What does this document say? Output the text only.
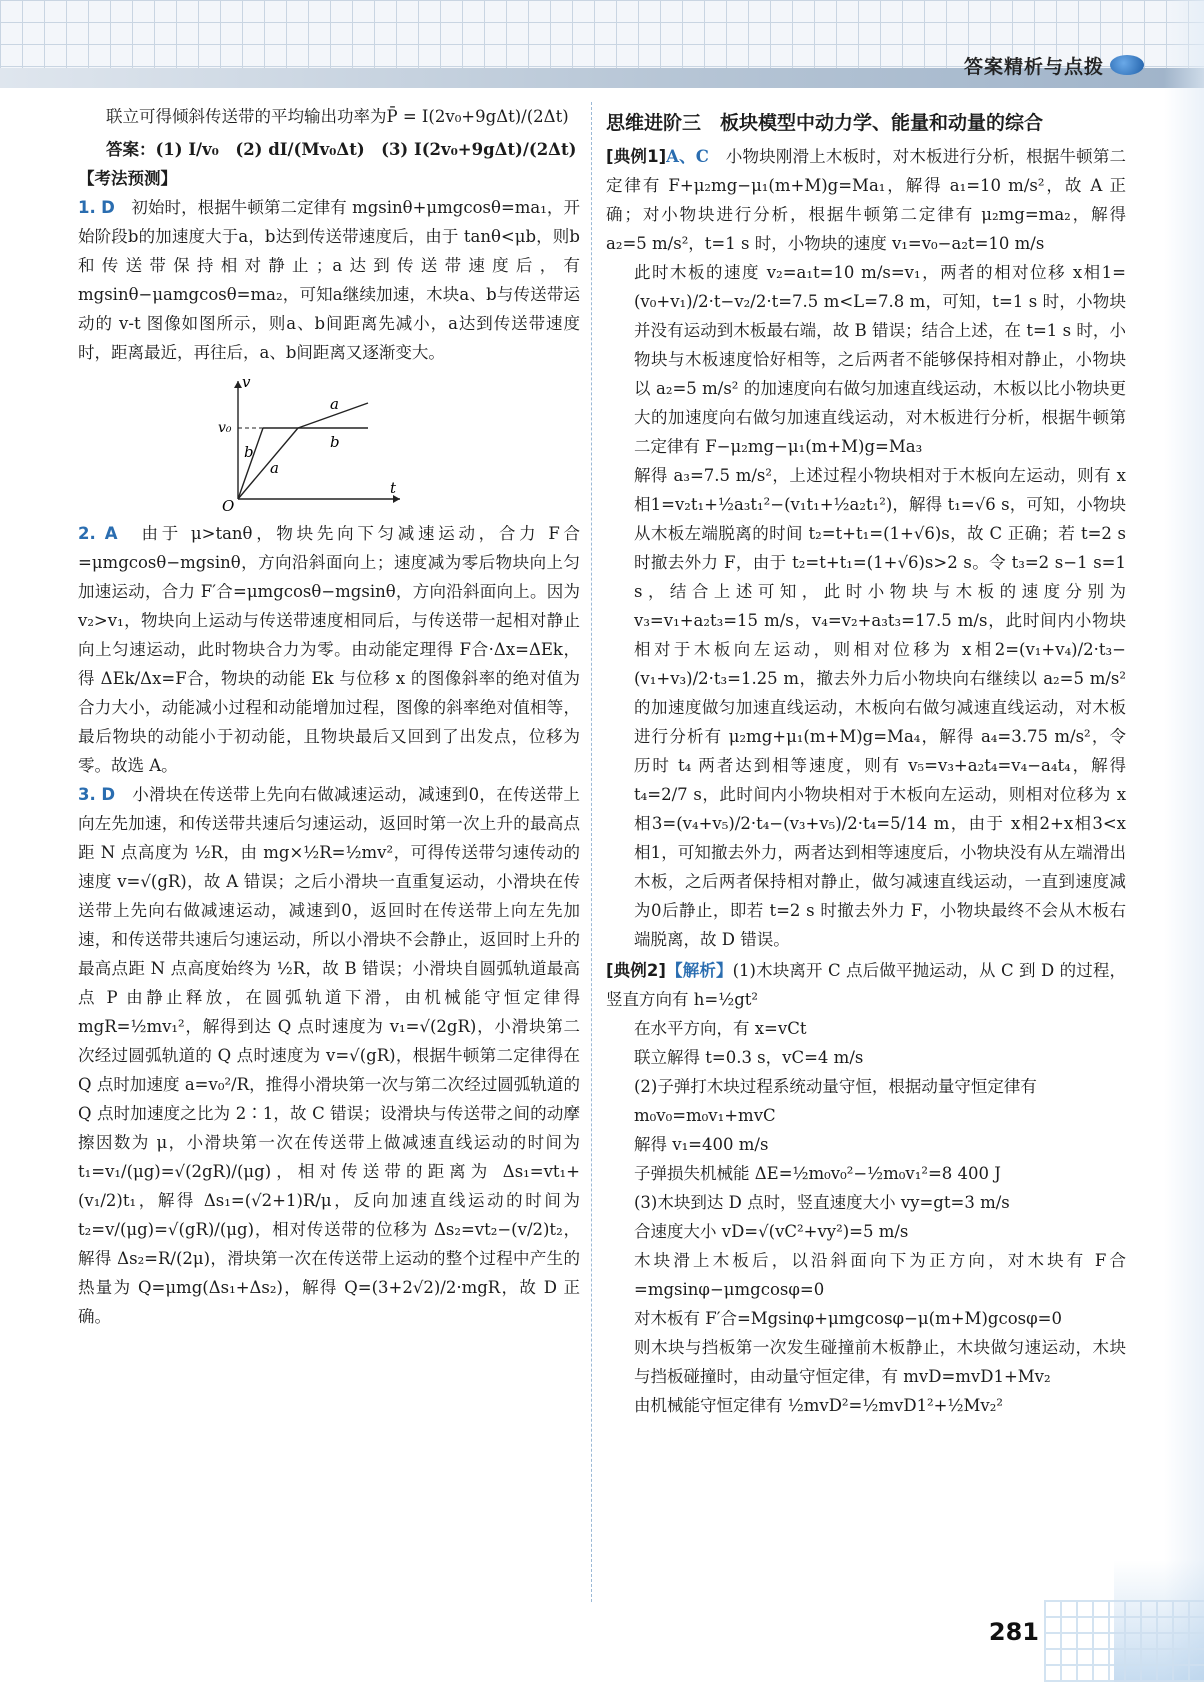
答案精析与点拨

联立可得倾斜传送带的平均输出功率为P̄ = I(2v₀+9gΔt)/(2Δt)

答案：(1) I/v₀　(2) dI/(Mv₀Δt)　(3) I(2v₀+9gΔt)/(2Δt)

【考法预测】

1. D　 初始时，根据牛顿第二定律有 mgsinθ+μmgcosθ=ma₁，开始阶段b的加速度大于a，b达到传送带速度后，由于 tanθ<μb，则b和传送带保持相对静止；a达到传送带速度后，有 mgsinθ−μamgcosθ=ma₂，可知a继续加速，木块a、b与传送带运动的 v-t 图像如图所示，则a、b间距离先减小，a达到传送带速度时，距离最近，再往后，a、b间距离又逐渐变大。

v
t
O
v₀
a
b
b
a

2. A　 由于 μ>tanθ，物块先向下匀减速运动，合力 F合=μmgcosθ−mgsinθ，方向沿斜面向上；速度减为零后物块向上匀加速运动，合力 F′合=μmgcosθ−mgsinθ，方向沿斜面向上。因为 v₂>v₁，物块向上运动与传送带速度相同后，与传送带一起相对静止向上匀速运动，此时物块合力为零。由动能定理得 F合·Δx=ΔEk，得 ΔEk/Δx=F合，物块的动能 Ek 与位移 x 的图像斜率的绝对值为合力大小，动能减小过程和动能增加过程，图像的斜率绝对值相等，最后物块的动能小于初动能，且物块最后又回到了出发点，位移为零。故选 A。

3. D　 小滑块在传送带上先向右做减速运动，减速到0，在传送带上向左先加速，和传送带共速后匀速运动，返回时第一次上升的最高点距 N 点高度为 ½R，由 mg×½R=½mv²，可得传送带匀速传动的速度 v=√(gR)，故 A 错误；之后小滑块一直重复运动，小滑块在传送带上先向右做减速运动，减速到0，返回时在传送带上向左先加速，和传送带共速后匀速运动，所以小滑块不会静止，返回时上升的最高点距 N 点高度始终为 ½R，故 B 错误；小滑块自圆弧轨道最高点 P 由静止释放，在圆弧轨道下滑，由机械能守恒定律得 mgR=½mv₁²，解得到达 Q 点时速度为 v₁=√(2gR)，小滑块第二次经过圆弧轨道的 Q 点时速度为 v=√(gR)，根据牛顿第二定律得在 Q 点时加速度 a=v₀²/R，推得小滑块第一次与第二次经过圆弧轨道的 Q 点时加速度之比为 2∶1，故 C 错误；设滑块与传送带之间的动摩擦因数为 μ，小滑块第一次在传送带上做减速直线运动的时间为 t₁=v₁/(μg)=√(2gR)/(μg)，相对传送带的距离为 Δs₁=vt₁+(v₁/2)t₁，解得 Δs₁=(√2+1)R/μ，反向加速直线运动的时间为 t₂=v/(μg)=√(gR)/(μg)，相对传送带的位移为 Δs₂=vt₂−(v/2)t₂，解得 Δs₂=R/(2μ)，滑块第一次在传送带上运动的整个过程中产生的热量为 Q=μmg(Δs₁+Δs₂)，解得 Q=(3+2√2)/2·mgR，故 D 正确。

思维进阶三　板块模型中动力学、能量和动量的综合

[典例1]A、C　 小物块刚滑上木板时，对木板进行分析，根据牛顿第二定律有 F+μ₂mg−μ₁(m+M)g=Ma₁，解得 a₁=10 m/s²，故 A 正确；对小物块进行分析，根据牛顿第二定律有 μ₂mg=ma₂，解得 a₂=5 m/s²，t=1 s 时，小物块的速度 v₁=v₀−a₂t=10 m/s

此时木板的速度 v₂=a₁t=10 m/s=v₁，两者的相对位移 x相1=(v₀+v₁)/2·t−v₂/2·t=7.5 m<L=7.8 m，可知，t=1 s 时，小物块并没有运动到木板最右端，故 B 错误；结合上述，在 t=1 s 时，小物块与木板速度恰好相等，之后两者不能够保持相对静止，小物块以 a₂=5 m/s² 的加速度向右做匀加速直线运动，木板以比小物块更大的加速度向右做匀加速直线运动，对木板进行分析，根据牛顿第二定律有 F−μ₂mg−μ₁(m+M)g=Ma₃

解得 a₃=7.5 m/s²，上述过程小物块相对于木板向左运动，则有 x相1=v₂t₁+½a₃t₁²−(v₁t₁+½a₂t₁²)，解得 t₁=√6 s，可知，小物块从木板左端脱离的时间 t₂=t+t₁=(1+√6)s，故 C 正确；若 t=2 s 时撤去外力 F，由于 t₂=t+t₁=(1+√6)s>2 s。令 t₃=2 s−1 s=1 s，结合上述可知，此时小物块与木板的速度分别为 v₃=v₁+a₂t₃=15 m/s，v₄=v₂+a₃t₃=17.5 m/s，此时间内小物块相对于木板向左运动，则相对位移为 x相2=(v₁+v₄)/2·t₃−(v₁+v₃)/2·t₃=1.25 m，撤去外力后小物块向右继续以 a₂=5 m/s² 的加速度做匀加速直线运动，木板向右做匀减速直线运动，对木板进行分析有 μ₂mg+μ₁(m+M)g=Ma₄，解得 a₄=3.75 m/s²，令历时 t₄ 两者达到相等速度，则有 v₅=v₃+a₂t₄=v₄−a₄t₄，解得 t₄=2/7 s，此时间内小物块相对于木板向左运动，则相对位移为 x相3=(v₄+v₅)/2·t₄−(v₃+v₅)/2·t₄=5/14 m，由于 x相2+x相3<x相1，可知撤去外力，两者达到相等速度后，小物块没有从左端滑出木板，之后两者保持相对静止，做匀减速直线运动，一直到速度减为0后静止，即若 t=2 s 时撤去外力 F，小物块最终不会从木板右端脱离，故 D 错误。

[典例2]【解析】(1)木块离开 C 点后做平抛运动，从 C 到 D 的过程，竖直方向有 h=½gt²

在水平方向，有 x=vCt

联立解得 t=0.3 s，vC=4 m/s

(2)子弹打木块过程系统动量守恒，根据动量守恒定律有

m₀v₀=m₀v₁+mvC

解得 v₁=400 m/s

子弹损失机械能 ΔE=½m₀v₀²−½m₀v₁²=8 400 J

(3)木块到达 D 点时，竖直速度大小 vy=gt=3 m/s

合速度大小 vD=√(vC²+vy²)=5 m/s

木块滑上木板后，以沿斜面向下为正方向，对木块有 F合=mgsinφ−μmgcosφ=0

对木板有 F′合=Mgsinφ+μmgcosφ−μ(m+M)gcosφ=0

则木块与挡板第一次发生碰撞前木板静止，木块做匀速运动，木块与挡板碰撞时，由动量守恒定律，有 mvD=mvD1+Mv₂

由机械能守恒定律有 ½mvD²=½mvD1²+½Mv₂²

281
